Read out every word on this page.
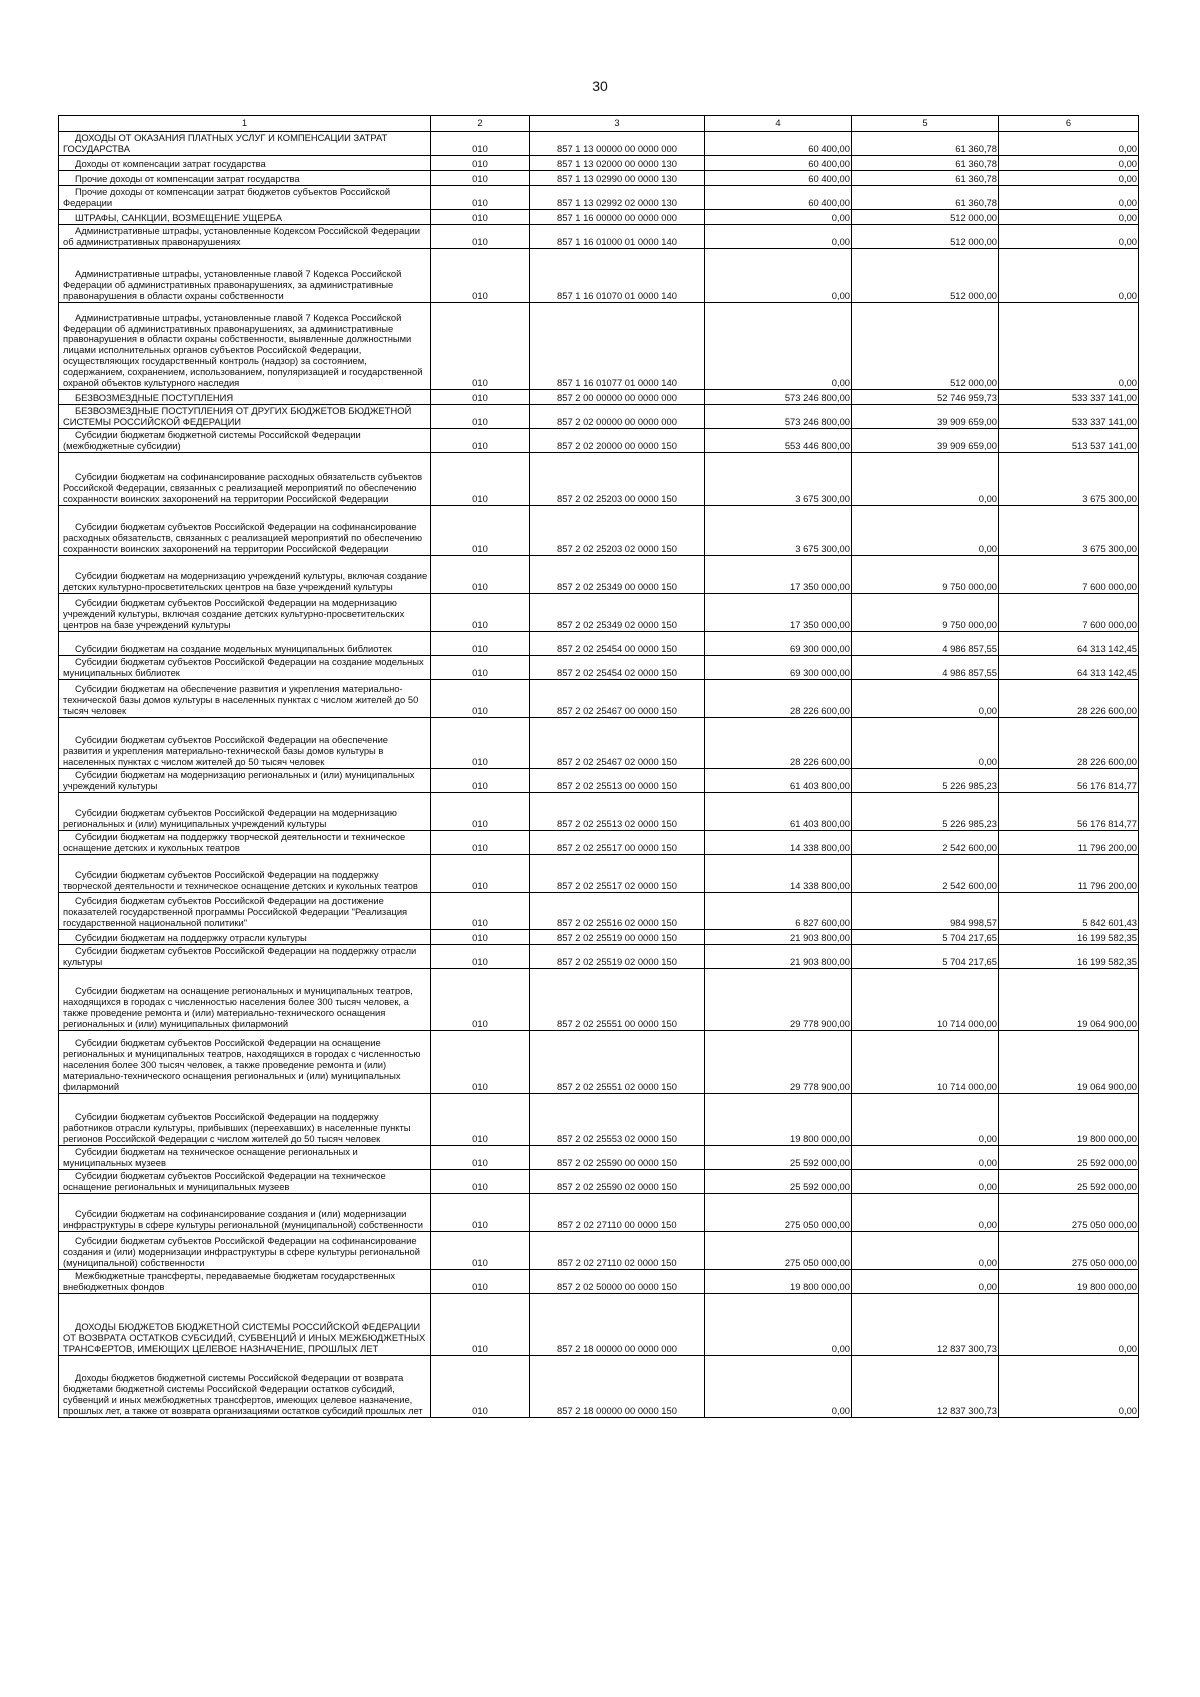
30
1	2	3	4	5	6
ДОХОДЫ ОТ ОКАЗАНИЯ ПЛАТНЫХ УСЛУГ И КОМПЕНСАЦИИ ЗАТРАТ ГОСУДАРСТВА	010	857 1 13 00000 00 0000 000	60 400,00	61 360,78	0,00
Доходы от компенсации затрат государства	010	857 1 13 02000 00 0000 130	60 400,00	61 360,78	0,00
Прочие доходы от компенсации затрат государства	010	857 1 13 02990 00 0000 130	60 400,00	61 360,78	0,00
Прочие доходы от компенсации затрат бюджетов субъектов Российской Федерации	010	857 1 13 02992 02 0000 130	60 400,00	61 360,78	0,00
ШТРАФЫ, САНКЦИИ, ВОЗМЕЩЕНИЕ УЩЕРБА	010	857 1 16 00000 00 0000 000	0,00	512 000,00	0,00
Административные штрафы, установленные Кодексом Российской Федерации об административных правонарушениях	010	857 1 16 01000 01 0000 140	0,00	512 000,00	0,00
Административные штрафы, установленные главой 7 Кодекса Российской Федерации об административных правонарушениях, за административные правонарушения в области охраны собственности	010	857 1 16 01070 01 0000 140	0,00	512 000,00	0,00
Административные штрафы, установленные главой 7 Кодекса Российской Федерации об административных правонарушениях, за административные правонарушения в области охраны собственности, выявленные должностными лицами исполнительных органов субъектов Российской Федерации, осуществляющих государственный контроль (надзор) за состоянием, содержанием, сохранением, использованием, популяризацией и государственной охраной объектов культурного наследия	010	857 1 16 01077 01 0000 140	0,00	512 000,00	0,00
БЕЗВОЗМЕЗДНЫЕ ПОСТУПЛЕНИЯ	010	857 2 00 00000 00 0000 000	573 246 800,00	52 746 959,73	533 337 141,00
БЕЗВОЗМЕЗДНЫЕ ПОСТУПЛЕНИЯ ОТ ДРУГИХ БЮДЖЕТОВ БЮДЖЕТНОЙ СИСТЕМЫ РОССИЙСКОЙ ФЕДЕРАЦИИ	010	857 2 02 00000 00 0000 000	573 246 800,00	39 909 659,00	533 337 141,00
Субсидии бюджетам бюджетной системы Российской Федерации (межбюджетные субсидии)	010	857 2 02 20000 00 0000 150	553 446 800,00	39 909 659,00	513 537 141,00
Субсидии бюджетам на софинансирование расходных обязательств субъектов Российской Федерации, связанных с реализацией мероприятий по обеспечению сохранности воинских захоронений на территории Российской Федерации	010	857 2 02 25203 00 0000 150	3 675 300,00	0,00	3 675 300,00
Субсидии бюджетам субъектов Российской Федерации на софинансирование расходных обязательств, связанных с реализацией мероприятий по обеспечению сохранности воинских захоронений на территории Российской Федерации	010	857 2 02 25203 02 0000 150	3 675 300,00	0,00	3 675 300,00
Субсидии бюджетам на модернизацию учреждений культуры, включая создание детских культурно-просветительских центров на базе учреждений культуры	010	857 2 02 25349 00 0000 150	17 350 000,00	9 750 000,00	7 600 000,00
Субсидии бюджетам субъектов Российской Федерации на модернизацию учреждений культуры, включая создание детских культурно-просветительских центров на базе учреждений культуры	010	857 2 02 25349 02 0000 150	17 350 000,00	9 750 000,00	7 600 000,00
Субсидии бюджетам на создание модельных муниципальных библиотек	010	857 2 02 25454 00 0000 150	69 300 000,00	4 986 857,55	64 313 142,45
Субсидии бюджетам субъектов Российской Федерации на создание модельных муниципальных библиотек	010	857 2 02 25454 02 0000 150	69 300 000,00	4 986 857,55	64 313 142,45
Субсидии бюджетам на обеспечение развития и укрепления материально-технической базы домов культуры в населенных пунктах с числом жителей до 50 тысяч человек	010	857 2 02 25467 00 0000 150	28 226 600,00	0,00	28 226 600,00
Субсидии бюджетам субъектов Российской Федерации на обеспечение развития и укрепления материально-технической базы домов культуры в населенных пунктах с числом жителей до 50 тысяч человек	010	857 2 02 25467 02 0000 150	28 226 600,00	0,00	28 226 600,00
Субсидии бюджетам на модернизацию региональных и (или) муниципальных учреждений культуры	010	857 2 02 25513 00 0000 150	61 403 800,00	5 226 985,23	56 176 814,77
Субсидии бюджетам субъектов Российской Федерации на модернизацию региональных и (или) муниципальных учреждений культуры	010	857 2 02 25513 02 0000 150	61 403 800,00	5 226 985,23	56 176 814,77
Субсидии бюджетам на поддержку творческой деятельности и техническое оснащение детских и кукольных театров	010	857 2 02 25517 00 0000 150	14 338 800,00	2 542 600,00	11 796 200,00
Субсидии бюджетам субъектов Российской Федерации на поддержку творческой деятельности и техническое оснащение детских и кукольных театров	010	857 2 02 25517 02 0000 150	14 338 800,00	2 542 600,00	11 796 200,00
Субсидия бюджетам субъектов Российской Федерации на достижение показателей государственной программы Российской Федерации "Реализация государственной национальной политики"	010	857 2 02 25516 02 0000 150	6 827 600,00	984 998,57	5 842 601,43
Субсидии бюджетам на поддержку отрасли культуры	010	857 2 02 25519 00 0000 150	21 903 800,00	5 704 217,65	16 199 582,35
Субсидии бюджетам субъектов Российской Федерации на поддержку отрасли культуры	010	857 2 02 25519 02 0000 150	21 903 800,00	5 704 217,65	16 199 582,35
Субсидии бюджетам на оснащение региональных и муниципальных театров, находящихся в городах с численностью населения более 300 тысяч человек, а также проведение ремонта и (или) материально-технического оснащения региональных и (или) муниципальных филармоний	010	857 2 02 25551 00 0000 150	29 778 900,00	10 714 000,00	19 064 900,00
Субсидии бюджетам субъектов Российской Федерации на оснащение региональных и муниципальных театров, находящихся в городах с численностью населения более 300 тысяч человек, а также проведение ремонта и (или) материально-технического оснащения региональных и (или) муниципальных филармоний	010	857 2 02 25551 02 0000 150	29 778 900,00	10 714 000,00	19 064 900,00
Субсидии бюджетам субъектов Российской Федерации на поддержку работников отрасли культуры, прибывших (переехавших) в населенные пункты регионов Российской Федерации с числом жителей до 50 тысяч человек	010	857 2 02 25553 02 0000 150	19 800 000,00	0,00	19 800 000,00
Субсидии бюджетам на техническое оснащение региональных и муниципальных музеев	010	857 2 02 25590 00 0000 150	25 592 000,00	0,00	25 592 000,00
Субсидии бюджетам субъектов Российской Федерации на техническое оснащение региональных и муниципальных музеев	010	857 2 02 25590 02 0000 150	25 592 000,00	0,00	25 592 000,00
Субсидии бюджетам на софинансирование создания и (или) модернизации инфраструктуры в сфере культуры региональной (муниципальной) собственности	010	857 2 02 27110 00 0000 150	275 050 000,00	0,00	275 050 000,00
Субсидии бюджетам субъектов Российской Федерации на софинансирование создания и (или) модернизации инфраструктуры в сфере культуры региональной (муниципальной) собственности	010	857 2 02 27110 02 0000 150	275 050 000,00	0,00	275 050 000,00
Межбюджетные трансферты, передаваемые бюджетам государственных внебюджетных фондов	010	857 2 02 50000 00 0000 150	19 800 000,00	0,00	19 800 000,00
ДОХОДЫ БЮДЖЕТОВ БЮДЖЕТНОЙ СИСТЕМЫ РОССИЙСКОЙ ФЕДЕРАЦИИ ОТ ВОЗВРАТА ОСТАТКОВ СУБСИДИЙ, СУБВЕНЦИЙ И ИНЫХ МЕЖБЮДЖЕТНЫХ ТРАНСФЕРТОВ, ИМЕЮЩИХ ЦЕЛЕВОЕ НАЗНАЧЕНИЕ, ПРОШЛЫХ ЛЕТ	010	857 2 18 00000 00 0000 000	0,00	12 837 300,73	0,00
Доходы бюджетов бюджетной системы Российской Федерации от возврата бюджетами бюджетной системы Российской Федерации остатков субсидий, субвенций и иных межбюджетных трансфертов, имеющих целевое назначение, прошлых лет, а также от возврата организациями остатков субсидий прошлых лет	010	857 2 18 00000 00 0000 150	0,00	12 837 300,73	0,00
